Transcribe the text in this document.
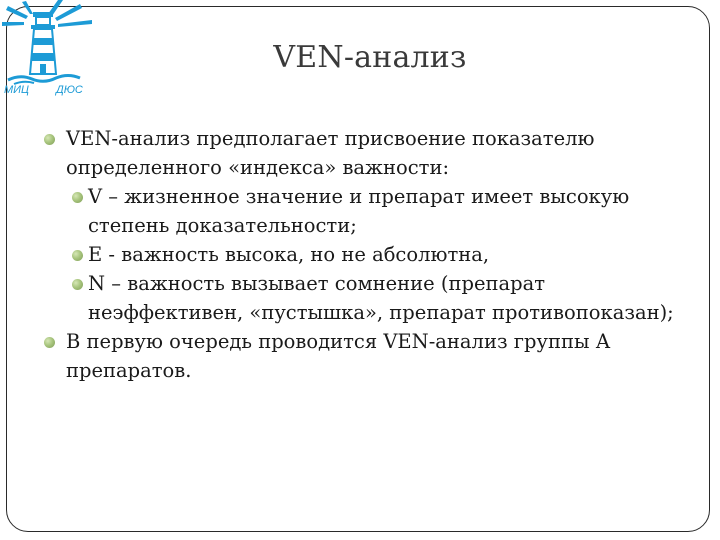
МИЦ ДЮС
VEN-анализ
VEN-анализ предполагает присвоение показателю определенного «индекса» важности:
V – жизненное значение и препарат имеет высокую степень доказательности;
E - важность высока, но не абсолютна,
N – важность вызывает сомнение (препарат неэффективен, «пустышка», препарат противопоказан);
В первую очередь проводится VEN-анализ группы А препаратов.
